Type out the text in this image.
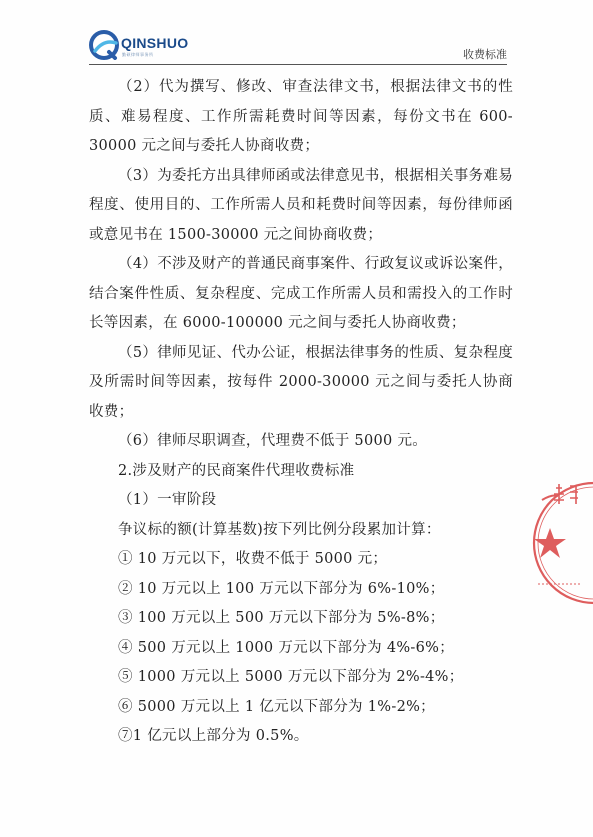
QINSHUO
勤硕律师事务所	收费标准

（2）代为撰写、修改、审查法律文书，根据法律文书的性质、难易程度、工作所需耗费时间等因素，每份文书在 600-30000 元之间与委托人协商收费；

（3）为委托方出具律师函或法律意见书，根据相关事务难易程度、使用目的、工作所需人员和耗费时间等因素，每份律师函或意见书在 1500-30000 元之间协商收费；

（4）不涉及财产的普通民商事案件、行政复议或诉讼案件，结合案件性质、复杂程度、完成工作所需人员和需投入的工作时长等因素，在 6000-100000 元之间与委托人协商收费；

（5）律师见证、代办公证，根据法律事务的性质、复杂程度及所需时间等因素，按每件 2000-30000 元之间与委托人协商收费；

（6）律师尽职调查，代理费不低于 5000 元。

2.涉及财产的民商案件代理收费标准

（1）一审阶段

争议标的额(计算基数)按下列比例分段累加计算：

① 10 万元以下，收费不低于 5000 元；

② 10 万元以上 100 万元以下部分为 6%-10%；

③ 100 万元以上 500 万元以下部分为 5%-8%；

④ 500 万元以上 1000 万元以下部分为 4%-6%；

⑤ 1000 万元以上 5000 万元以下部分为 2%-4%；

⑥ 5000 万元以上 1 亿元以下部分为 1%-2%；

⑦1 亿元以上部分为 0.5%。
